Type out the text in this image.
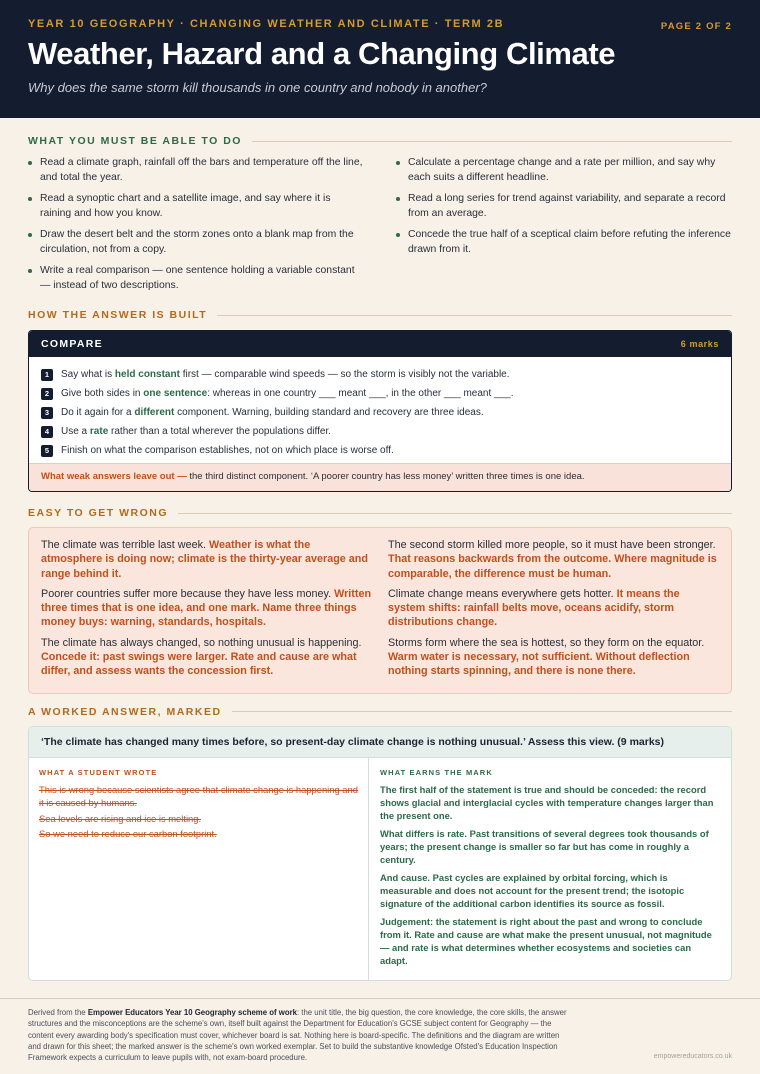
YEAR 10 GEOGRAPHY · CHANGING WEATHER AND CLIMATE · TERM 2B	PAGE 2 OF 2
Weather, Hazard and a Changing Climate
Why does the same storm kill thousands in one country and nobody in another?
WHAT YOU MUST BE ABLE TO DO
Read a climate graph, rainfall off the bars and temperature off the line, and total the year.
Read a synoptic chart and a satellite image, and say where it is raining and how you know.
Draw the desert belt and the storm zones onto a blank map from the circulation, not from a copy.
Write a real comparison — one sentence holding a variable constant — instead of two descriptions.
Calculate a percentage change and a rate per million, and say why each suits a different headline.
Read a long series for trend against variability, and separate a record from an average.
Concede the true half of a sceptical claim before refuting the inference drawn from it.
HOW THE ANSWER IS BUILT
COMPARE	6 marks
1	Say what is held constant first — comparable wind speeds — so the storm is visibly not the variable.
2	Give both sides in one sentence: whereas in one country ___ meant ___, in the other ___ meant ___.
3	Do it again for a different component. Warning, building standard and recovery are three ideas.
4	Use a rate rather than a total wherever the populations differ.
5	Finish on what the comparison establishes, not on which place is worse off.
What weak answers leave out — the third distinct component. ‘A poorer country has less money’ written three times is one idea.
EASY TO GET WRONG
The climate was terrible last week. Weather is what the atmosphere is doing now; climate is the thirty-year average and range behind it.
Poorer countries suffer more because they have less money. Written three times that is one idea, and one mark. Name three things money buys: warning, standards, hospitals.
The climate has always changed, so nothing unusual is happening. Concede it: past swings were larger. Rate and cause are what differ, and assess wants the concession first.
The second storm killed more people, so it must have been stronger. That reasons backwards from the outcome. Where magnitude is comparable, the difference must be human.
Climate change means everywhere gets hotter. It means the system shifts: rainfall belts move, oceans acidify, storm distributions change.
Storms form where the sea is hottest, so they form on the equator. Warm water is necessary, not sufficient. Without deflection nothing starts spinning, and there is none there.
A WORKED ANSWER, MARKED
‘The climate has changed many times before, so present-day climate change is nothing unusual.’ Assess this view. (9 marks)
WHAT A STUDENT WROTE
This is wrong because scientists agree that climate change is happening and it is caused by humans.
Sea levels are rising and ice is melting.
So we need to reduce our carbon footprint.
WHAT EARNS THE MARK
The first half of the statement is true and should be conceded: the record shows glacial and interglacial cycles with temperature changes larger than the present one.
What differs is rate. Past transitions of several degrees took thousands of years; the present change is smaller so far but has come in roughly a century.
And cause. Past cycles are explained by orbital forcing, which is measurable and does not account for the present trend; the isotopic signature of the additional carbon identifies its source as fossil.
Judgement: the statement is right about the past and wrong to conclude from it. Rate and cause are what make the present unusual, not magnitude — and rate is what determines whether ecosystems and societies can adapt.
Derived from the Empower Educators Year 10 Geography scheme of work: the unit title, the big question, the core knowledge, the core skills, the answer structures and the misconceptions are the scheme's own, itself built against the Department for Education's GCSE subject content for Geography — the content every awarding body's specification must cover, whichever board is sat. Nothing here is board-specific. The definitions and the diagram are written and drawn for this sheet; the marked answer is the scheme's own worked exemplar. Set to build the substantive knowledge Ofsted's Education Inspection Framework expects a curriculum to leave pupils with, not exam-board procedure.	empowereducators.co.uk
